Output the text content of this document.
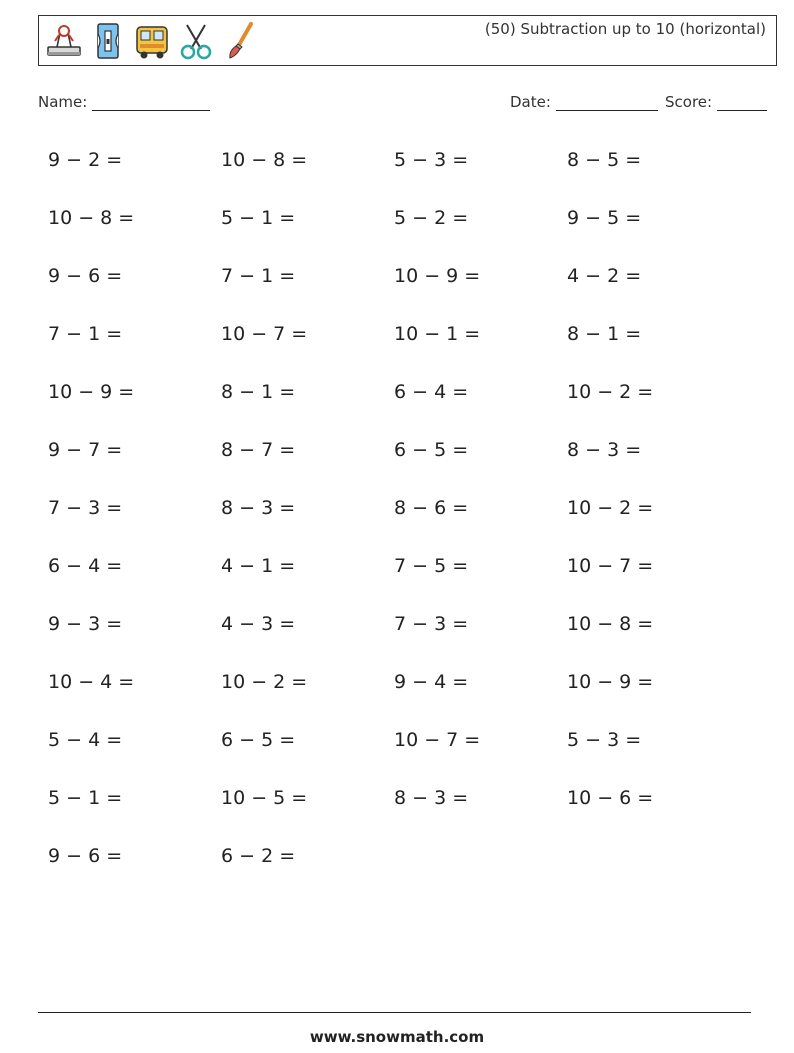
(50) Subtraction up to 10 (horizontal)
Name:	Date:	Score:
9 − 2 =	10 − 8 =	5 − 3 =	8 − 5 =
10 − 8 =	5 − 1 =	5 − 2 =	9 − 5 =
9 − 6 =	7 − 1 =	10 − 9 =	4 − 2 =
7 − 1 =	10 − 7 =	10 − 1 =	8 − 1 =
10 − 9 =	8 − 1 =	6 − 4 =	10 − 2 =
9 − 7 =	8 − 7 =	6 − 5 =	8 − 3 =
7 − 3 =	8 − 3 =	8 − 6 =	10 − 2 =
6 − 4 =	4 − 1 =	7 − 5 =	10 − 7 =
9 − 3 =	4 − 3 =	7 − 3 =	10 − 8 =
10 − 4 =	10 − 2 =	9 − 4 =	10 − 9 =
5 − 4 =	6 − 5 =	10 − 7 =	5 − 3 =
5 − 1 =	10 − 5 =	8 − 3 =	10 − 6 =
9 − 6 =	6 − 2 =
www.snowmath.com
